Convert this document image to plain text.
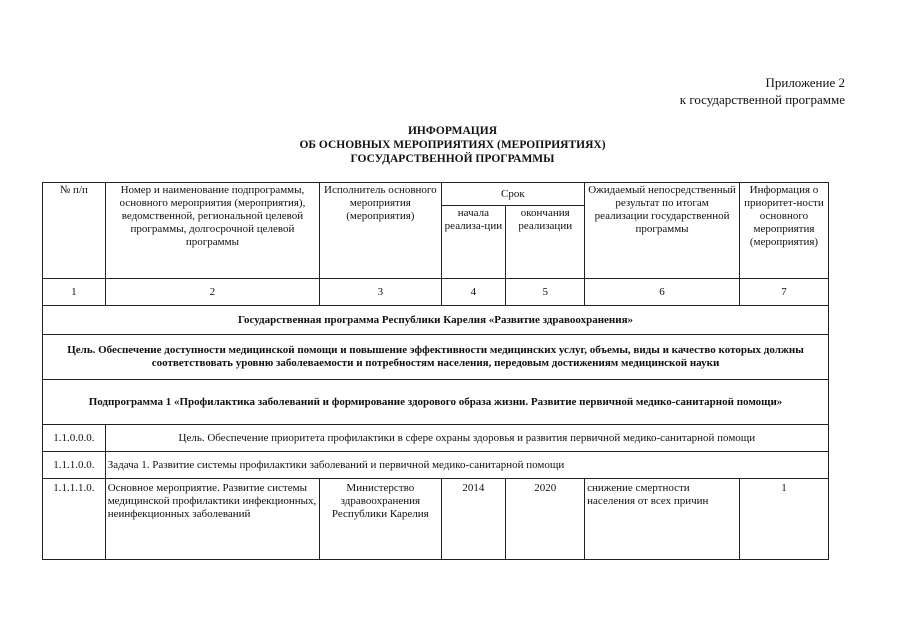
Приложение 2
к государственной программе
ИНФОРМАЦИЯ
ОБ ОСНОВНЫХ МЕРОПРИЯТИЯХ (МЕРОПРИЯТИЯХ)
ГОСУДАРСТВЕННОЙ ПРОГРАММЫ
№ п/п	Номер и наименование подпрограммы, основного мероприятия (мероприятия), ведомственной, региональной целевой программы, долгосрочной целевой программы	Исполнитель основного мероприятия (мероприятия)	Срок		Ожидаемый непосредственный результат по итогам реализации государственной программы	Информация о приоритет-ности основного мероприятия (мероприятия)
			начала реализа-ции	окончания реализации		
1	2	3	4	5	6	7
Государственная программа Республики Карелия «Развитие здравоохранения»						
Цель. Обеспечение доступности медицинской помощи и повышение эффективности медицинских услуг, объемы, виды и качество которых должны соответствовать уровню заболеваемости и потребностям населения, передовым достижениям медицинской науки						
Подпрограмма 1 «Профилактика заболеваний и формирование здорового образа жизни. Развитие первичной медико-санитарной помощи»						
1.1.0.0.0.	Цель. Обеспечение приоритета профилактики в сфере охраны здоровья и развития первичной медико-санитарной помощи					
1.1.1.0.0.	Задача 1. Развитие системы профилактики заболеваний и первичной медико-санитарной помощи					
1.1.1.1.0.	Основное мероприятие. Развитие системы медицинской профилактики инфекционных, неинфекционных заболеваний	Министерство здравоохранения Республики Карелия	2014	2020	снижение смертности населения от всех причин	1
